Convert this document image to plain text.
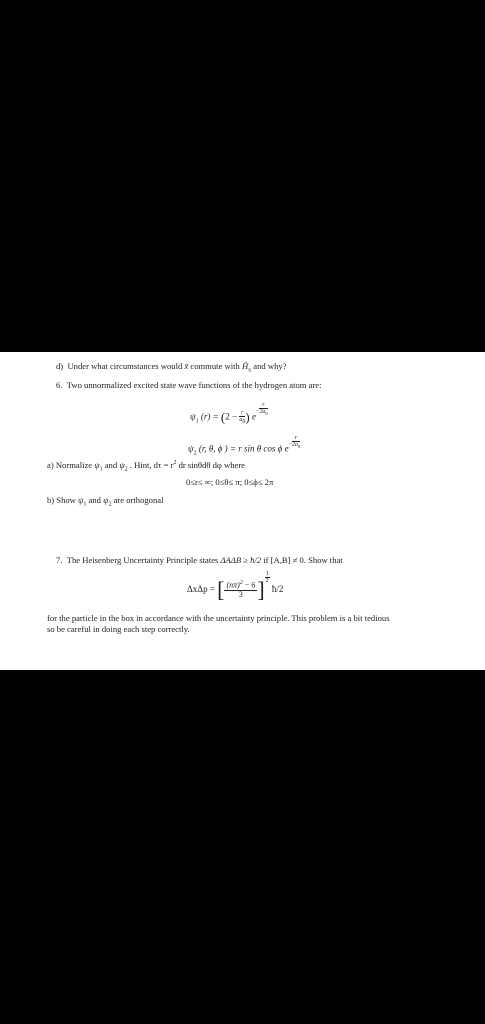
d) Under what circumstances would x̂ commute with $Ĥ_x$ and why?
6. Two unnormalized excited state wave functions of the hydrogen atom are:
$\psi_1$ $(r) = (2 - \frac{r}{a0}$ ) $e- \frac{r}{2a_0}$
$\psi_2$ (r, θ, ϕ ) = r sin θ cos ϕ $e- \frac{r}{2a_0}$
a) Normalize $\psi_1$ and $\psi_2$ . Hint, $d\tau = r^2$ dr sinθdθ dφ where
0≤r≤ ∞; 0≤θ≤ π; 0≤ϕ≤ 2π
b) Show $\psi_1$ and $\psi_2$ are orthogonal
7. The Heisenberg Uncertainty Principle states ΔAΔB ≥ ħ/2 if [A,B] ≠ 0. Show that
ΔxΔp = [ $\frac{(n\pi)^2 - 6}{3}$ ] $\frac{1}{2}$
ħ/2
for the particle in the box in accordance with the uncertainty principle. This problem is a bit tedious
so be careful in doing each step correctly.
